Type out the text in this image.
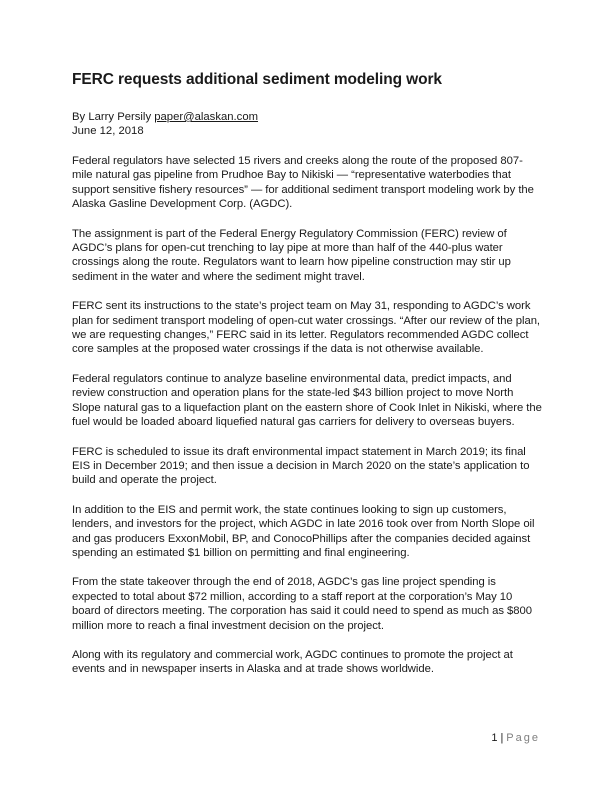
FERC requests additional sediment modeling work

By Larry Persily paper@alaskan.com

June 12, 2018

Federal regulators have selected 15 rivers and creeks along the route of the proposed 807-mile natural gas pipeline from Prudhoe Bay to Nikiski — “representative waterbodies that support sensitive fishery resources” — for additional sediment transport modeling work by the Alaska Gasline Development Corp. (AGDC).

The assignment is part of the Federal Energy Regulatory Commission (FERC) review of AGDC’s plans for open-cut trenching to lay pipe at more than half of the 440-plus water crossings along the route. Regulators want to learn how pipeline construction may stir up sediment in the water and where the sediment might travel.

FERC sent its instructions to the state’s project team on May 31, responding to AGDC’s work plan for sediment transport modeling of open-cut water crossings. “After our review of the plan, we are requesting changes,” FERC said in its letter. Regulators recommended AGDC collect core samples at the proposed water crossings if the data is not otherwise available.

Federal regulators continue to analyze baseline environmental data, predict impacts, and review construction and operation plans for the state-led $43 billion project to move North Slope natural gas to a liquefaction plant on the eastern shore of Cook Inlet in Nikiski, where the fuel would be loaded aboard liquefied natural gas carriers for delivery to overseas buyers.

FERC is scheduled to issue its draft environmental impact statement in March 2019; its final EIS in December 2019; and then issue a decision in March 2020 on the state’s application to build and operate the project.

In addition to the EIS and permit work, the state continues looking to sign up customers, lenders, and investors for the project, which AGDC in late 2016 took over from North Slope oil and gas producers ExxonMobil, BP, and ConocoPhillips after the companies decided against spending an estimated $1 billion on permitting and final engineering.

From the state takeover through the end of 2018, AGDC’s gas line project spending is expected to total about $72 million, according to a staff report at the corporation’s May 10 board of directors meeting. The corporation has said it could need to spend as much as $800 million more to reach a final investment decision on the project.

Along with its regulatory and commercial work, AGDC continues to promote the project at events and in newspaper inserts in Alaska and at trade shows worldwide.

1 | Page
